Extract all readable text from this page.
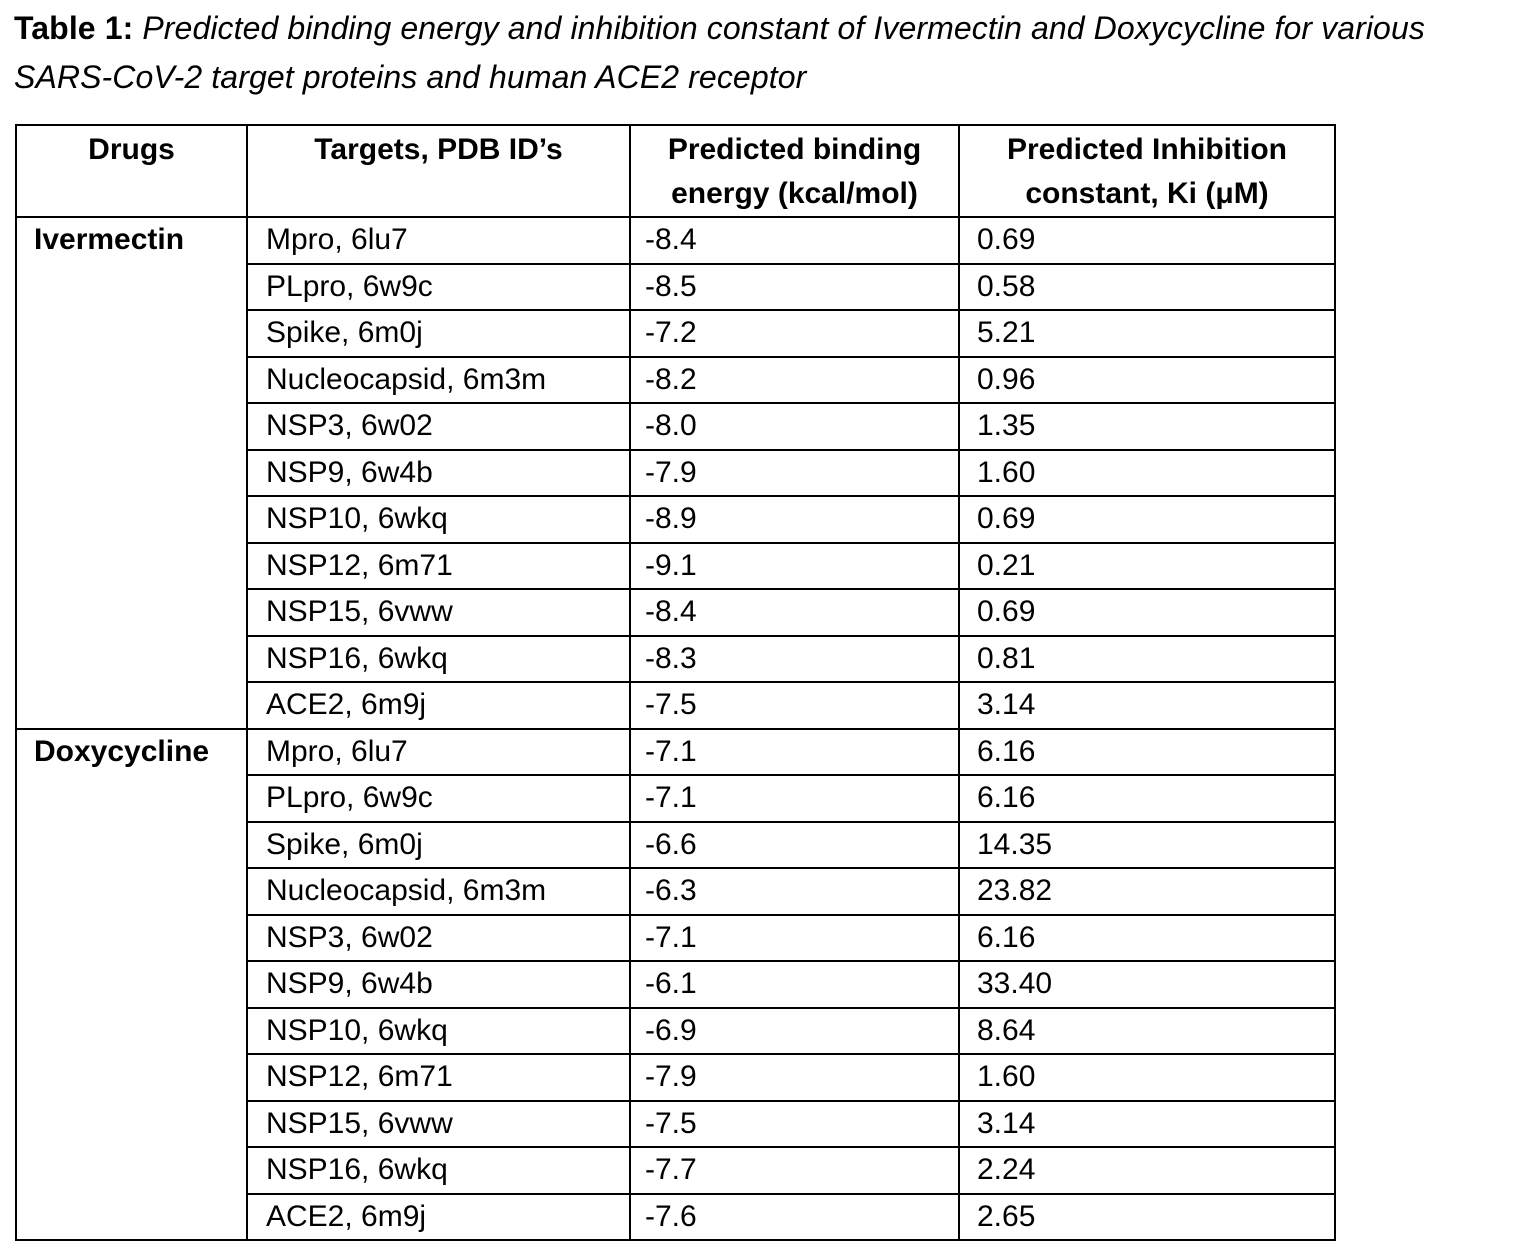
Table 1: Predicted binding energy and inhibition constant of Ivermectin and Doxycycline for various SARS-CoV-2 target proteins and human ACE2 receptor
Drugs	Targets, PDB ID’s	Predicted binding energy (kcal/mol)	Predicted Inhibition constant, Ki (μM)
Ivermectin	Mpro, 6lu7	-8.4	0.69
	PLpro, 6w9c	-8.5	0.58
	Spike, 6m0j	-7.2	5.21
	Nucleocapsid, 6m3m	-8.2	0.96
	NSP3, 6w02	-8.0	1.35
	NSP9, 6w4b	-7.9	1.60
	NSP10, 6wkq	-8.9	0.69
	NSP12, 6m71	-9.1	0.21
	NSP15, 6vww	-8.4	0.69
	NSP16, 6wkq	-8.3	0.81
	ACE2, 6m9j	-7.5	3.14
Doxycycline	Mpro, 6lu7	-7.1	6.16
	PLpro, 6w9c	-7.1	6.16
	Spike, 6m0j	-6.6	14.35
	Nucleocapsid, 6m3m	-6.3	23.82
	NSP3, 6w02	-7.1	6.16
	NSP9, 6w4b	-6.1	33.40
	NSP10, 6wkq	-6.9	8.64
	NSP12, 6m71	-7.9	1.60
	NSP15, 6vww	-7.5	3.14
	NSP16, 6wkq	-7.7	2.24
	ACE2, 6m9j	-7.6	2.65
